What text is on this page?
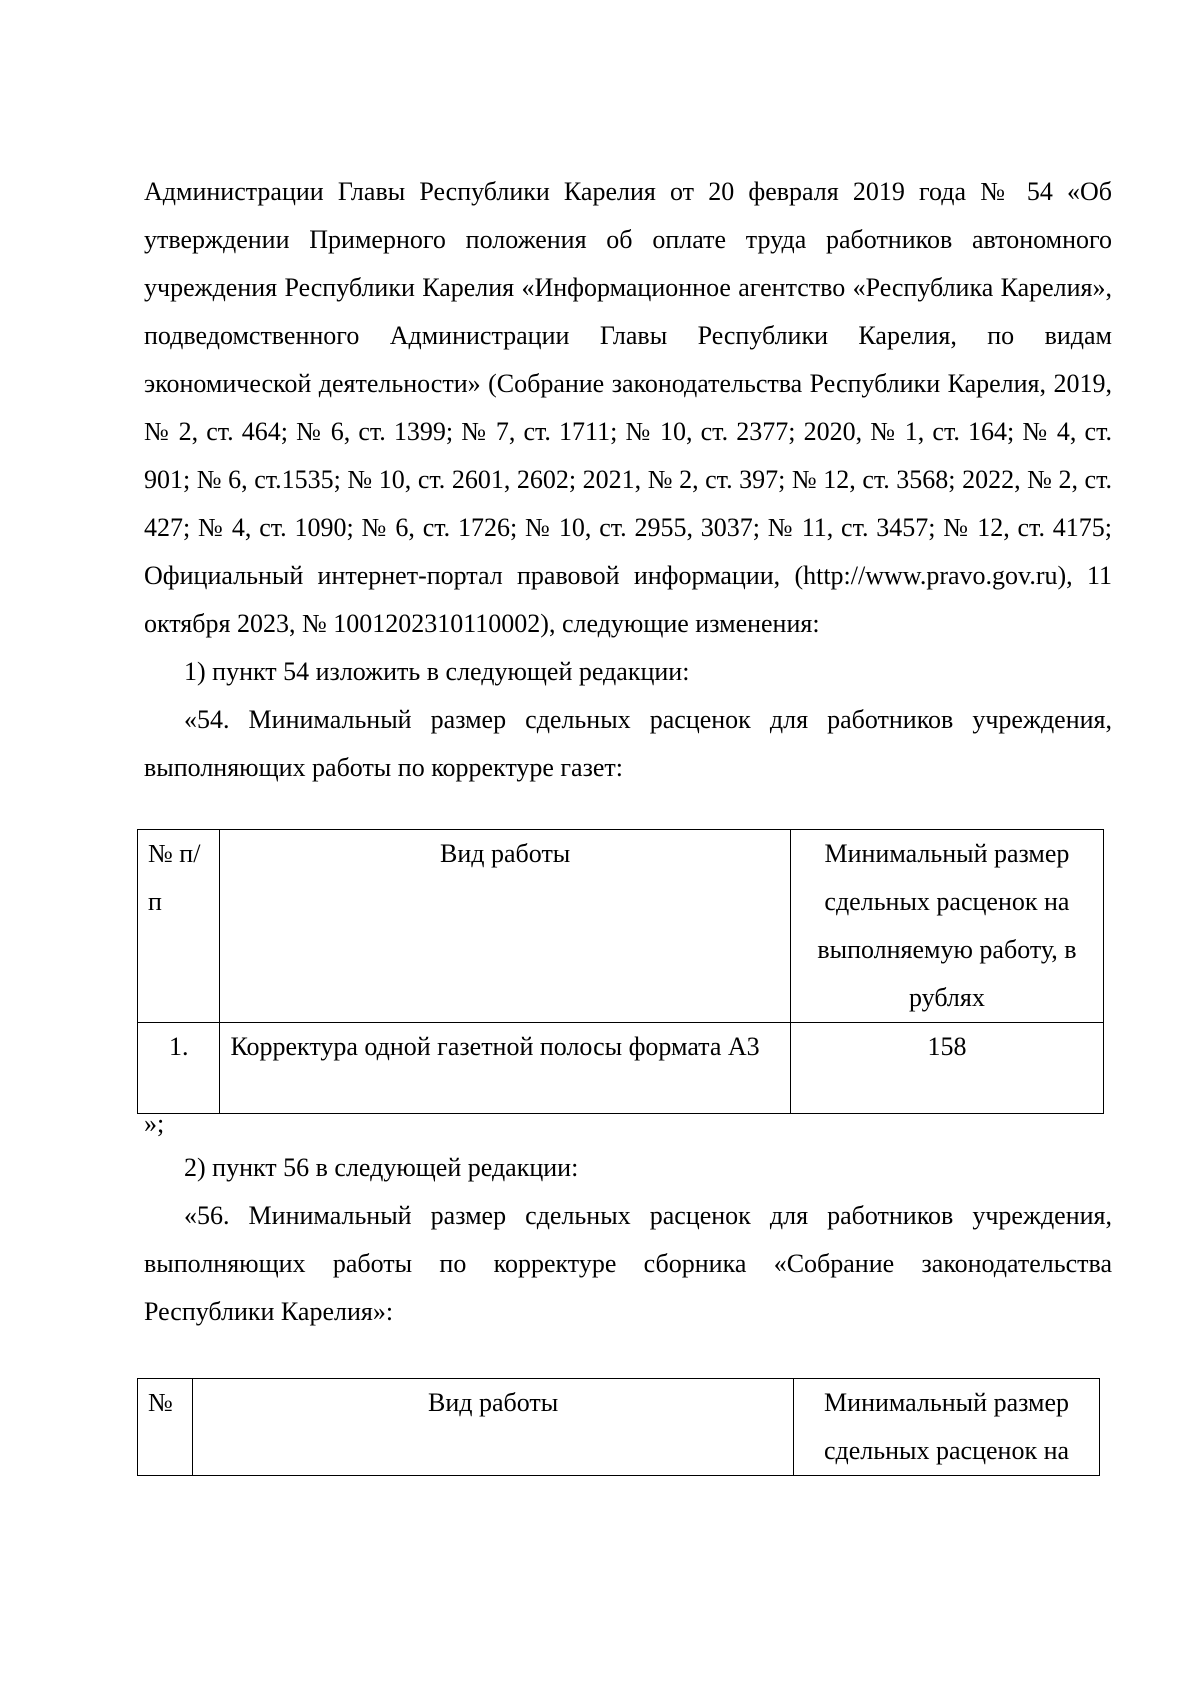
Администрации Главы Республики Карелия от 20 февраля 2019 года № 54 «Об утверждении Примерного положения об оплате труда работников автономного учреждения Республики Карелия «Информационное агентство «Республика Карелия», подведомственного Администрации Главы Республики Карелия, по видам экономической деятельности» (Собрание законодательства Республики Карелия, 2019, № 2, ст. 464; № 6, ст. 1399; № 7, ст. 1711; № 10, ст. 2377; 2020, № 1, ст. 164; № 4, ст. 901; № 6, ст.1535; № 10, ст. 2601, 2602; 2021, № 2, ст. 397; № 12, ст. 3568; 2022, № 2, ст. 427; № 4, ст. 1090; № 6, ст. 1726; № 10, ст. 2955, 3037; № 11, ст. 3457; № 12, ст. 4175; Официальный интернет-портал правовой информации, (http://www.pravo.gov.ru), 11 октября 2023, № 1001202310110002), следующие изменения:

1) пункт 54 изложить в следующей редакции:

«54. Минимальный размер сдельных расценок для работников учреждения,

выполняющих работы по корректуре газет:

№ п/п	Вид работы	Минимальный размер сдельных расценок на выполняемую работу, в рублях
1.	Корректура одной газетной полосы формата А3	158

»;

2) пункт 56 в следующей редакции:

«56. Минимальный размер сдельных расценок для работников учреждения,

выполняющих работы по корректуре сборника «Собрание законодательства

Республики Карелия»:

№	Вид работы	Минимальный размер сдельных расценок на
